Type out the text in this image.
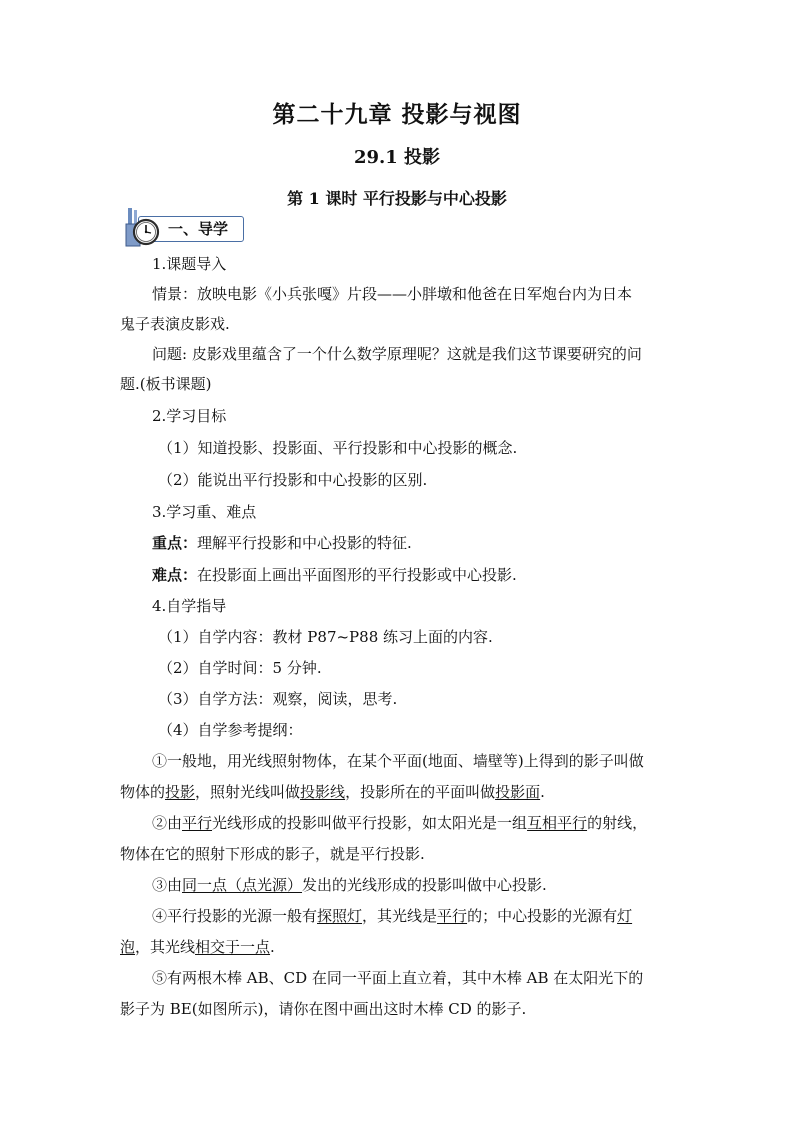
第二十九章 投影与视图
29.1 投影
第 1 课时 平行投影与中心投影
一、导学
1.课题导入
情景：放映电影《小兵张嘎》片段——小胖墩和他爸在日军炮台内为日本
鬼子表演皮影戏.
问题: 皮影戏里蕴含了一个什么数学原理呢？这就是我们这节课要研究的问
题.(板书课题)
2.学习目标
（1）知道投影、投影面、平行投影和中心投影的概念.
（2）能说出平行投影和中心投影的区别.
3.学习重、难点
重点：理解平行投影和中心投影的特征.
难点：在投影面上画出平面图形的平行投影或中心投影.
4.自学指导
（1）自学内容：教材 P87~P88 练习上面的内容.
（2）自学时间：5 分钟.
（3）自学方法：观察，阅读，思考.
（4）自学参考提纲：
①一般地，用光线照射物体，在某个平面(地面、墙壁等)上得到的影子叫做
物体的投影，照射光线叫做投影线，投影所在的平面叫做投影面.
②由平行光线形成的投影叫做平行投影，如太阳光是一组互相平行的射线，
物体在它的照射下形成的影子，就是平行投影.
③由同一点（点光源）发出的光线形成的投影叫做中心投影.
④平行投影的光源一般有探照灯，其光线是平行的；中心投影的光源有灯
泡，其光线相交于一点.
⑤有两根木棒 AB、CD 在同一平面上直立着，其中木棒 AB 在太阳光下的
影子为 BE(如图所示)，请你在图中画出这时木棒 CD 的影子.
